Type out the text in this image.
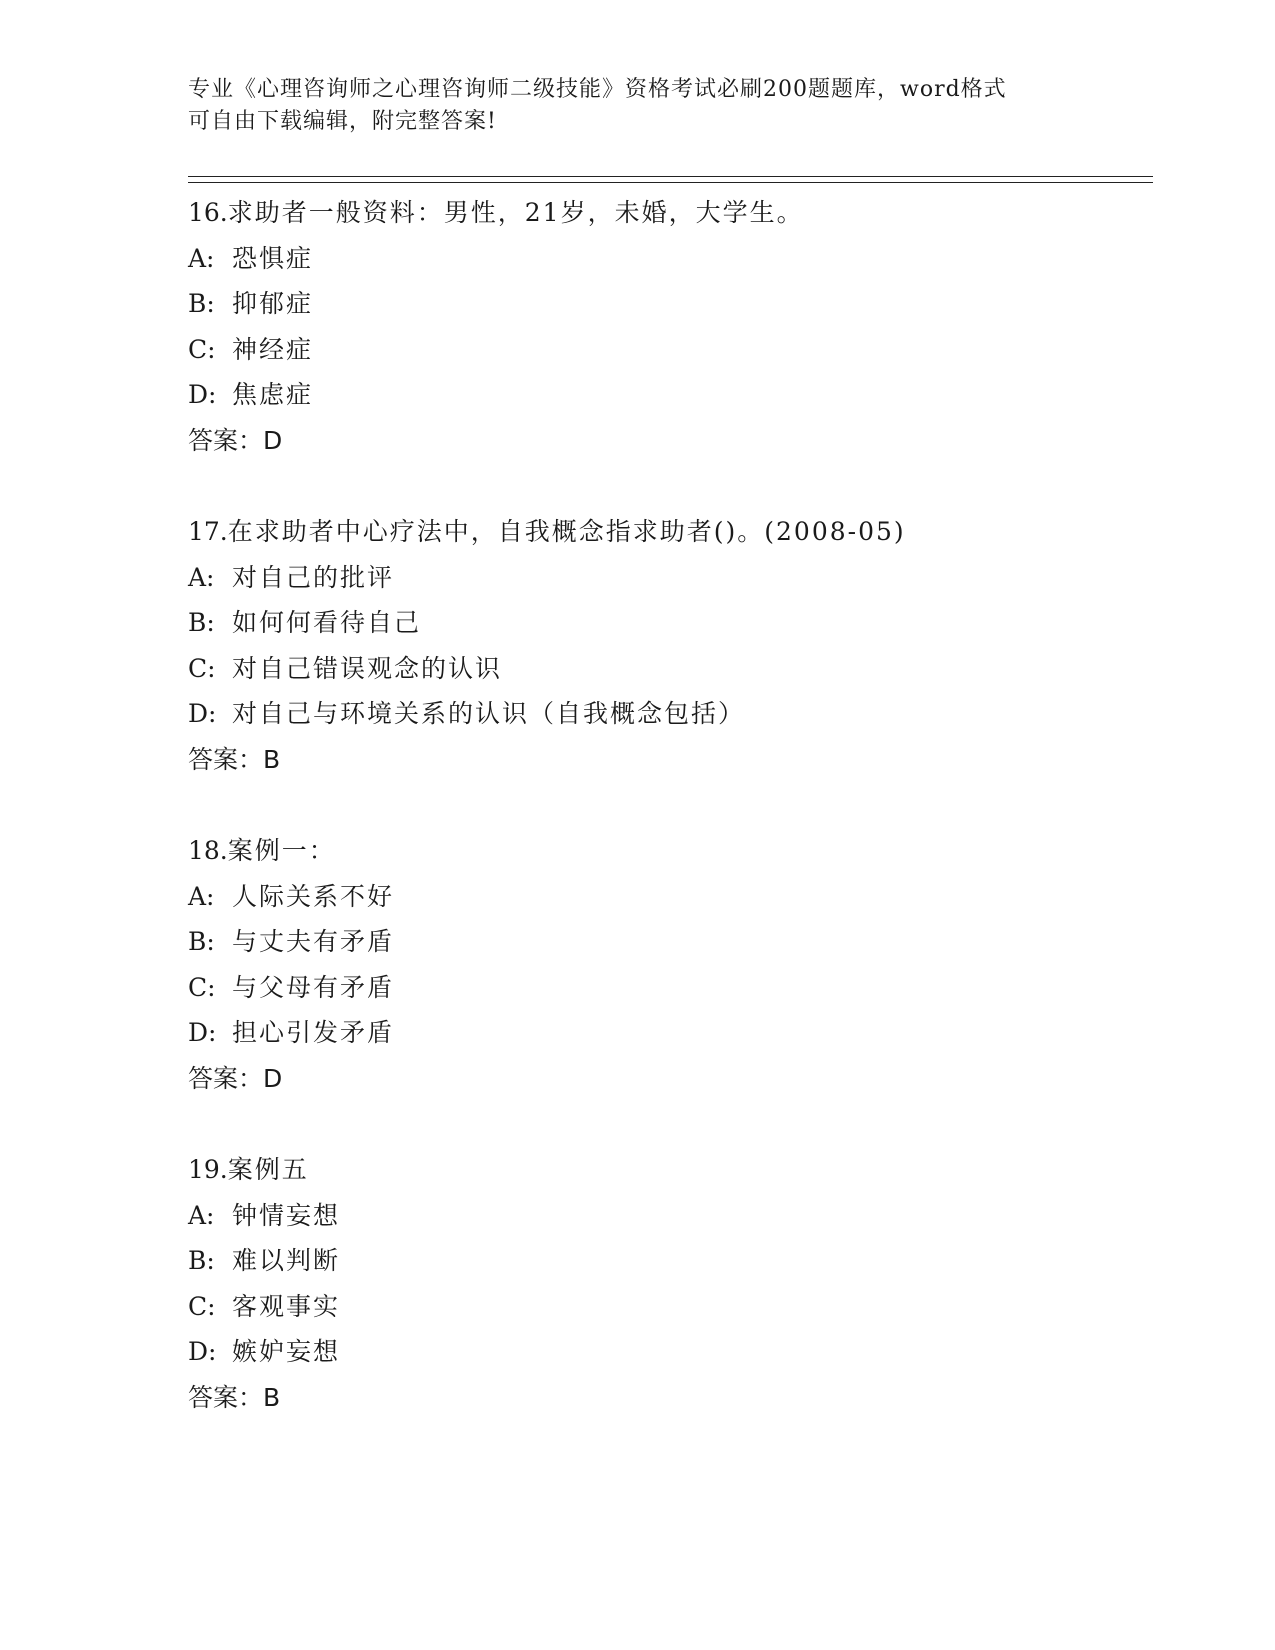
专业《心理咨询师之心理咨询师二级技能》资格考试必刷200题题库，word格式
可自由下载编辑，附完整答案!
16.求助者一般资料：男性，21岁，未婚，大学生。
A: 恐惧症
B: 抑郁症
C: 神经症
D: 焦虑症
答案：D
17.在求助者中心疗法中，自我概念指求助者()。(2008-05)
A: 对自己的批评
B: 如何何看待自己
C: 对自己错误观念的认识
D: 对自己与环境关系的认识（自我概念包括）
答案：B
18.案例一：
A: 人际关系不好
B: 与丈夫有矛盾
C: 与父母有矛盾
D: 担心引发矛盾
答案：D
19.案例五
A: 钟情妄想
B: 难以判断
C: 客观事实
D: 嫉妒妄想
答案：B
